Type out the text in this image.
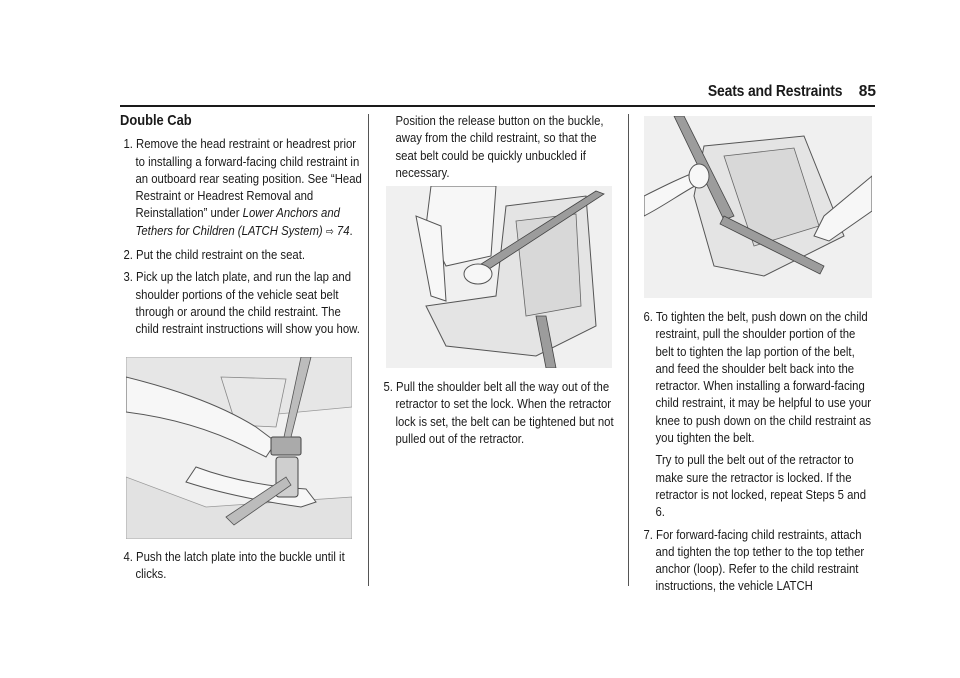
Seats and Restraints 85
Double Cab
1. Remove the head restraint or headrest prior to installing a forward-facing child restraint in an outboard rear seating position. See “Head Restraint or Headrest Removal and Reinstallation” under Lower Anchors and Tethers for Children (LATCH System) ⇨ 74.
2. Put the child restraint on the seat.
3. Pick up the latch plate, and run the lap and shoulder portions of the vehicle seat belt through or around the child restraint. The child restraint instructions will show you how.
4. Push the latch plate into the buckle until it clicks.
Position the release button on the buckle, away from the child restraint, so that the seat belt could be quickly unbuckled if necessary.
5. Pull the shoulder belt all the way out of the retractor to set the lock. When the retractor lock is set, the belt can be tightened but not pulled out of the retractor.
6. To tighten the belt, push down on the child restraint, pull the shoulder portion of the belt to tighten the lap portion of the belt, and feed the shoulder belt back into the retractor. When installing a forward-facing child restraint, it may be helpful to use your knee to push down on the child restraint as you tighten the belt.
Try to pull the belt out of the retractor to make sure the retractor is locked. If the retractor is not locked, repeat Steps 5 and 6.
7. For forward-facing child restraints, attach and tighten the top tether to the top tether anchor (loop). Refer to the child restraint instructions, the vehicle LATCH
